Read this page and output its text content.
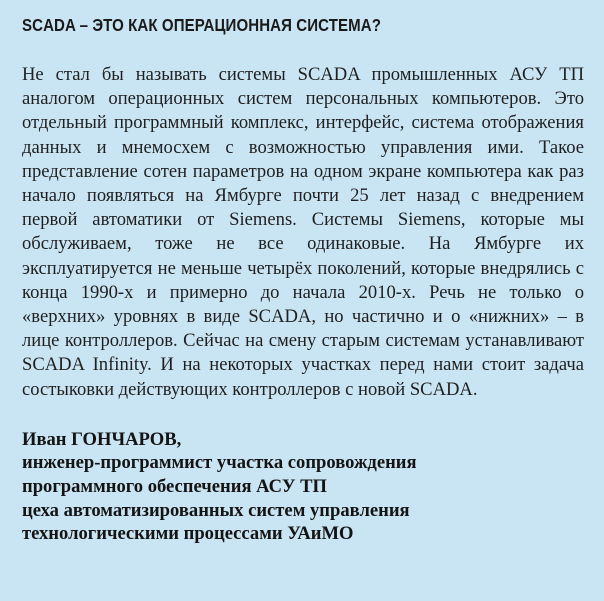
SCADA – ЭТО КАК ОПЕРАЦИОННАЯ СИСТЕМА?

Не стал бы называть системы SCADA промышленных АСУ ТП аналогом операционных систем персональных компьютеров. Это отдельный программный комплекс, интерфейс, система отображения данных и мнемосхем с возможностью управления ими. Такое представление сотен параметров на одном экране компьютера как раз начало появляться на Ямбурге почти 25 лет назад с внедрением первой автоматики от Siemens. Системы Siemens, которые мы обслуживаем, тоже не все одинаковые. На Ямбурге их эксплуатируется не меньше четырёх поколений, которые внедрялись с конца 1990-х и примерно до начала 2010-х. Речь не только о «верхних» уровнях в виде SCADA, но частично и о «нижних» – в лице контроллеров. Сейчас на смену старым системам устанавливают SCADA Infinity. И на некоторых участках перед нами стоит задача состыковки действующих контроллеров с новой SCADA.

Иван ГОНЧАРОВ,
инженер-программист участка сопровождения
программного обеспечения АСУ ТП
цеха автоматизированных систем управления
технологическими процессами УАиМО
